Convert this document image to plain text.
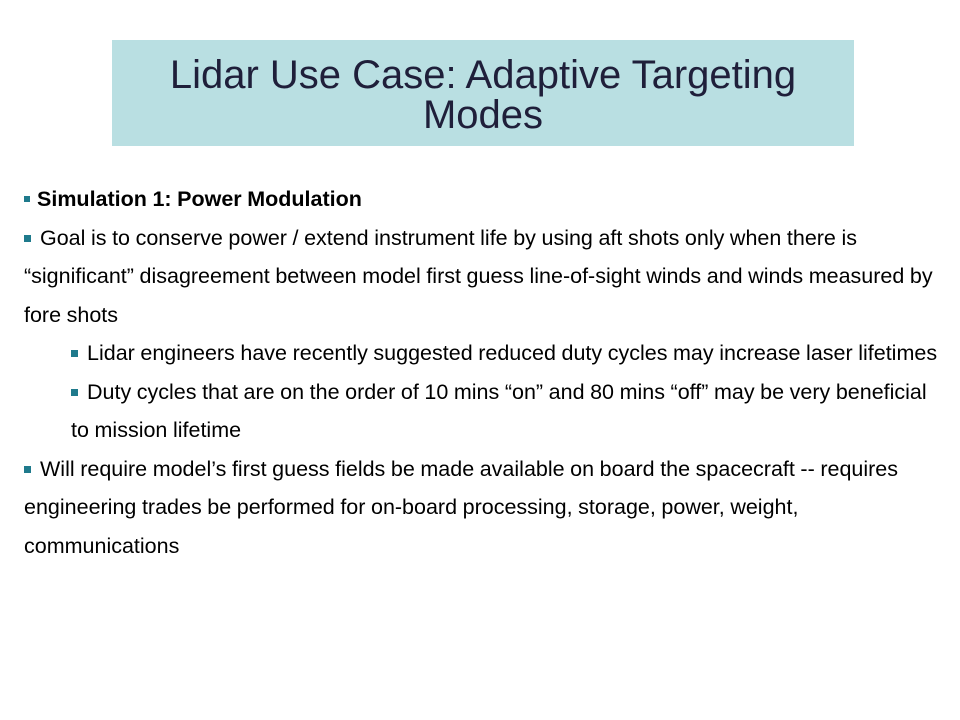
Lidar Use Case: Adaptive Targeting Modes

Simulation 1: Power Modulation

Goal is to conserve power / extend instrument life by using aft shots only when there is “significant” disagreement between model first guess line-of-sight winds and winds measured by fore shots

Lidar engineers have recently suggested reduced duty cycles may increase laser lifetimes

Duty cycles that are on the order of 10 mins “on” and 80 mins “off” may be very beneficial to mission lifetime

Will require model’s first guess fields be made available on board the spacecraft -- requires engineering trades be performed for on-board processing, storage, power, weight, communications
